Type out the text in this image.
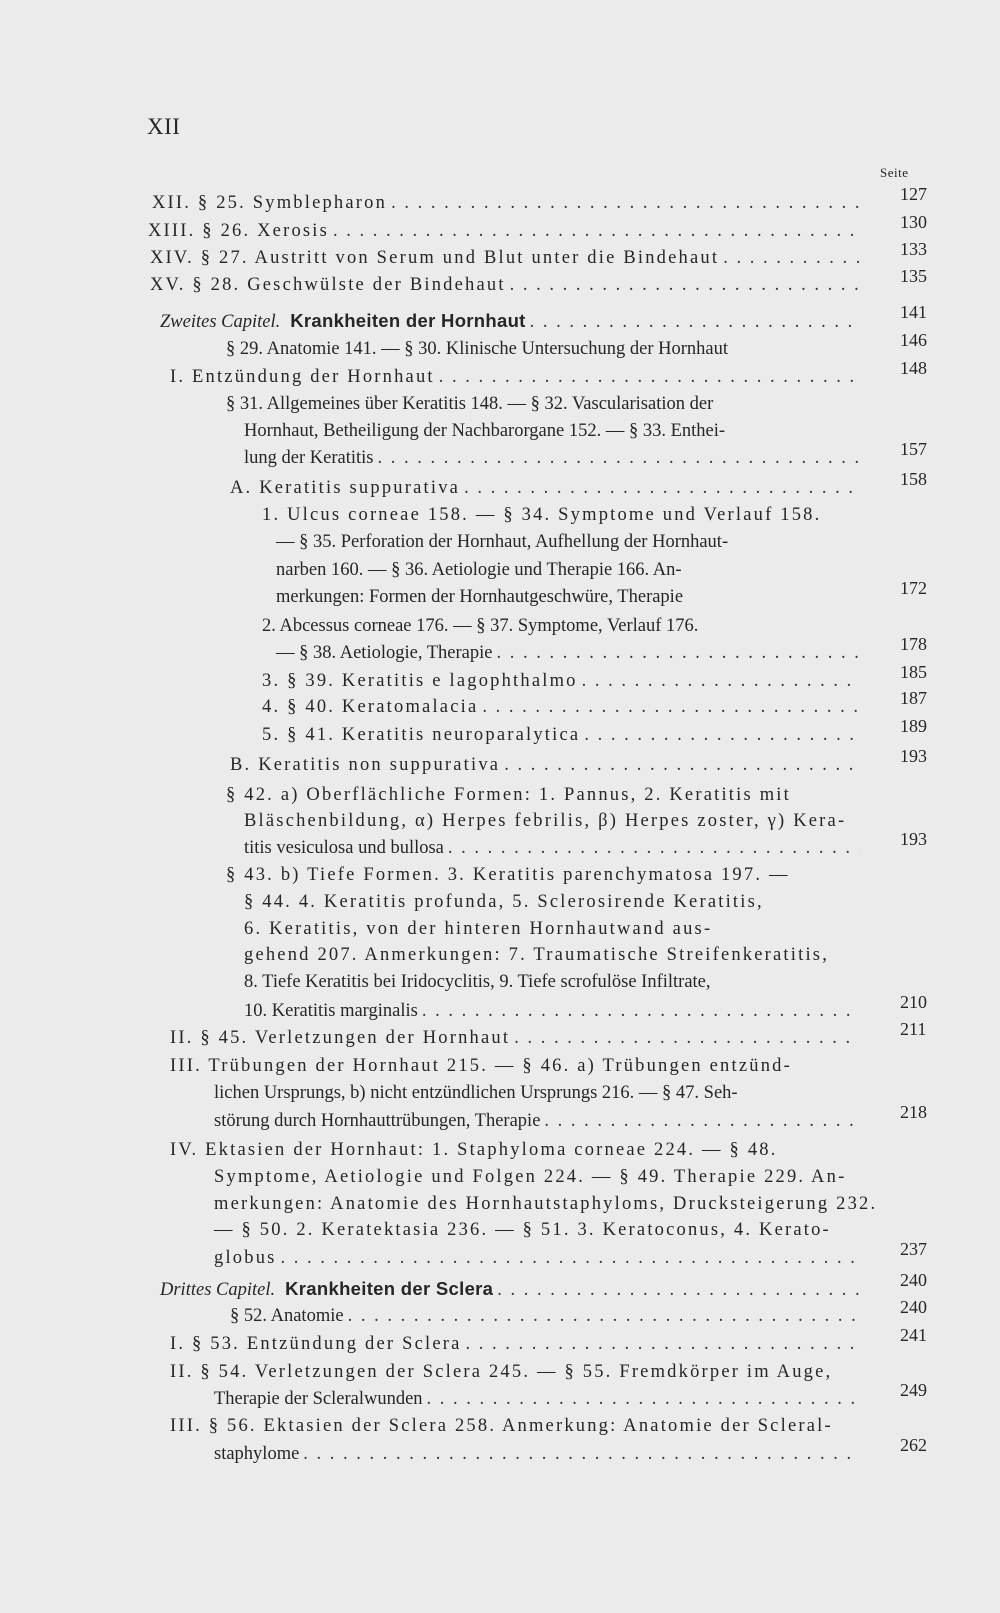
XII
Seite
XII. § 25. Symblepharon . . .	127
XIII. § 26. Xerosis . . .	130
XIV. § 27. Austritt von Serum und Blut unter die Bindehaut . . .	133
XV. § 28. Geschwülste der Bindehaut . . .	135
Zweites Capitel. Krankheiten der Hornhaut . . .	141
§ 29. Anatomie 141. — § 30. Klinische Untersuchung der Hornhaut	146
I. Entzündung der Hornhaut . . .	148
§ 31. Allgemeines über Keratitis 148. — § 32. Vascularisation der
Hornhaut, Betheiligung der Nachbarorgane 152. — § 33. Enthei-
lung der Keratitis . . .	157
A. Keratitis suppurativa . . .	158
1. Ulcus corneae 158. — § 34. Symptome und Verlauf 158.
— § 35. Perforation der Hornhaut, Aufhellung der Hornhaut-
narben 160. — § 36. Aetiologie und Therapie 166. An-
merkungen: Formen der Hornhautgeschwüre, Therapie	172
2. Abcessus corneae 176. — § 37. Symptome, Verlauf 176.
— § 38. Aetiologie, Therapie . . .	178
3. § 39. Keratitis e lagophthalmo . . .	185
4. § 40. Keratomalacia . . .	187
5. § 41. Keratitis neuroparalytica . . .	189
B. Keratitis non suppurativa . . .	193
§ 42. a) Oberflächliche Formen: 1. Pannus, 2. Keratitis mit
Bläschenbildung, α) Herpes febrilis, β) Herpes zoster, γ) Kera-
titis vesiculosa und bullosa . . .	193
§ 43. b) Tiefe Formen. 3. Keratitis parenchymatosa 197. —
§ 44. 4. Keratitis profunda, 5. Sclerosirende Keratitis,
6. Keratitis, von der hinteren Hornhautwand aus-
gehend 207. Anmerkungen: 7. Traumatische Streifenkeratitis,
8. Tiefe Keratitis bei Iridocyclitis, 9. Tiefe scrofulöse Infiltrate,
10. Keratitis marginalis . . .	210
II. § 45. Verletzungen der Hornhaut . . .	211
III. Trübungen der Hornhaut 215. — § 46. a) Trübungen entzünd-
lichen Ursprungs, b) nicht entzündlichen Ursprungs 216. — § 47. Seh-
störung durch Hornhauttrübungen, Therapie . . .	218
IV. Ektasien der Hornhaut: 1. Staphyloma corneae 224. — § 48.
Symptome, Aetiologie und Folgen 224. — § 49. Therapie 229. An-
merkungen: Anatomie des Hornhautstaphyloms, Drucksteigerung 232.
— § 50. 2. Keratektasia 236. — § 51. 3. Keratoconus, 4. Kerato-
globus . . .	237
Drittes Capitel. Krankheiten der Sclera . . .	240
§ 52. Anatomie . . .	240
I. § 53. Entzündung der Sclera . . .	241
II. § 54. Verletzungen der Sclera 245. — § 55. Fremdkörper im Auge,
Therapie der Scleralwunden . . .	249
III. § 56. Ektasien der Sclera 258. Anmerkung: Anatomie der Scleral-
staphylome . . .	262
